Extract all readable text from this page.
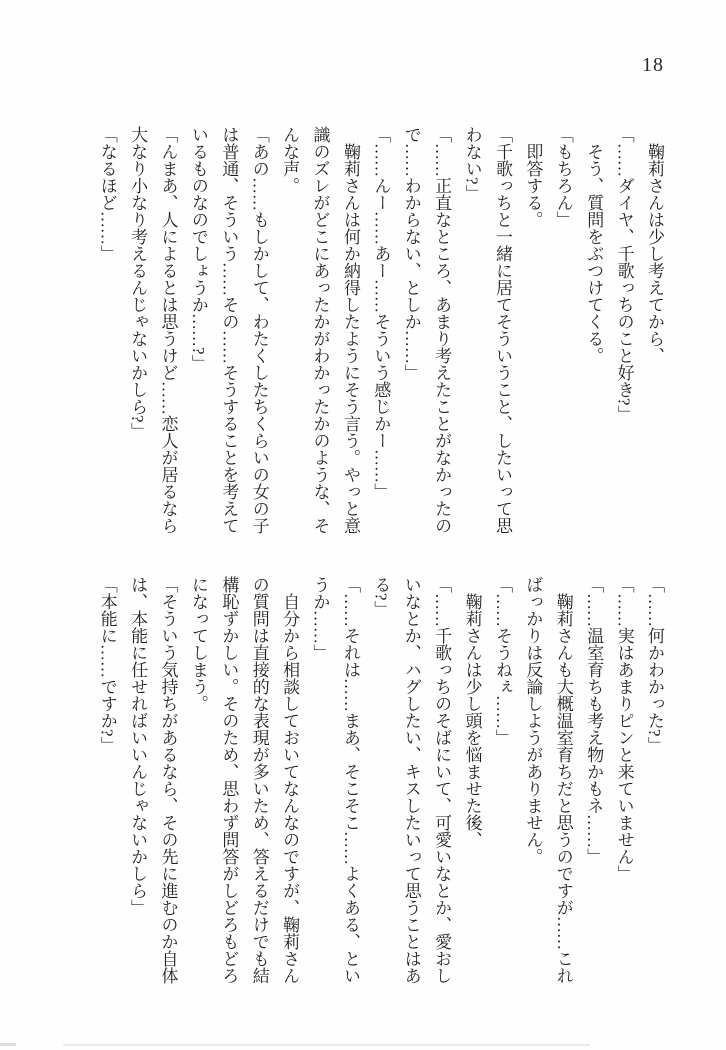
18
　鞠莉さんは少し考えてから、
「……ダイヤ、千歌っちのこと好き?」
　そう、質問をぶつけてくる。
「もちろん」
　即答する。
「千歌っちと一緒に居てそういうこと、したいって思
わない?」
「……正直なところ、あまり考えたことがなかったの
で……わからない、としか……」
「……んー……あー……そういう感じかー……」
　鞠莉さんは何か納得したようにそう言う。やっと意
識のズレがどこにあったかがわかったかのような、そ
んな声。
「あの……もしかして、わたくしたちくらいの女の子
は普通、そういう……その……そうすることを考えて
いるものなのでしょうか……?」
「んまあ、人によるとは思うけど……恋人が居るなら
大なり小なり考えるんじゃないかしら?」
「なるほど……」
「……何かわかった?」
「……実はあまりピンと来ていません」
「……温室育ちも考え物かもネ……」
　鞠莉さんも大概温室育ちだと思うのですが……これ
ばっかりは反論しようがありません。
「……そうねぇ……」
　鞠莉さんは少し頭を悩ませた後、
「……千歌っちのそばにいて、可愛いなとか、愛おし
いなとか、ハグしたい、キスしたいって思うことはあ
る?」
「……それは……まあ、そこそこ……よくある、とい
うか……」
　自分から相談しておいてなんなのですが、鞠莉さん
の質問は直接的な表現が多いため、答えるだけでも結
構恥ずかしい。そのため、思わず問答がしどろもどろ
になってしまう。
「そういう気持ちがあるなら、その先に進むのか自体
は、本能に任せればいいんじゃないかしら」
「本能に……ですか?」
